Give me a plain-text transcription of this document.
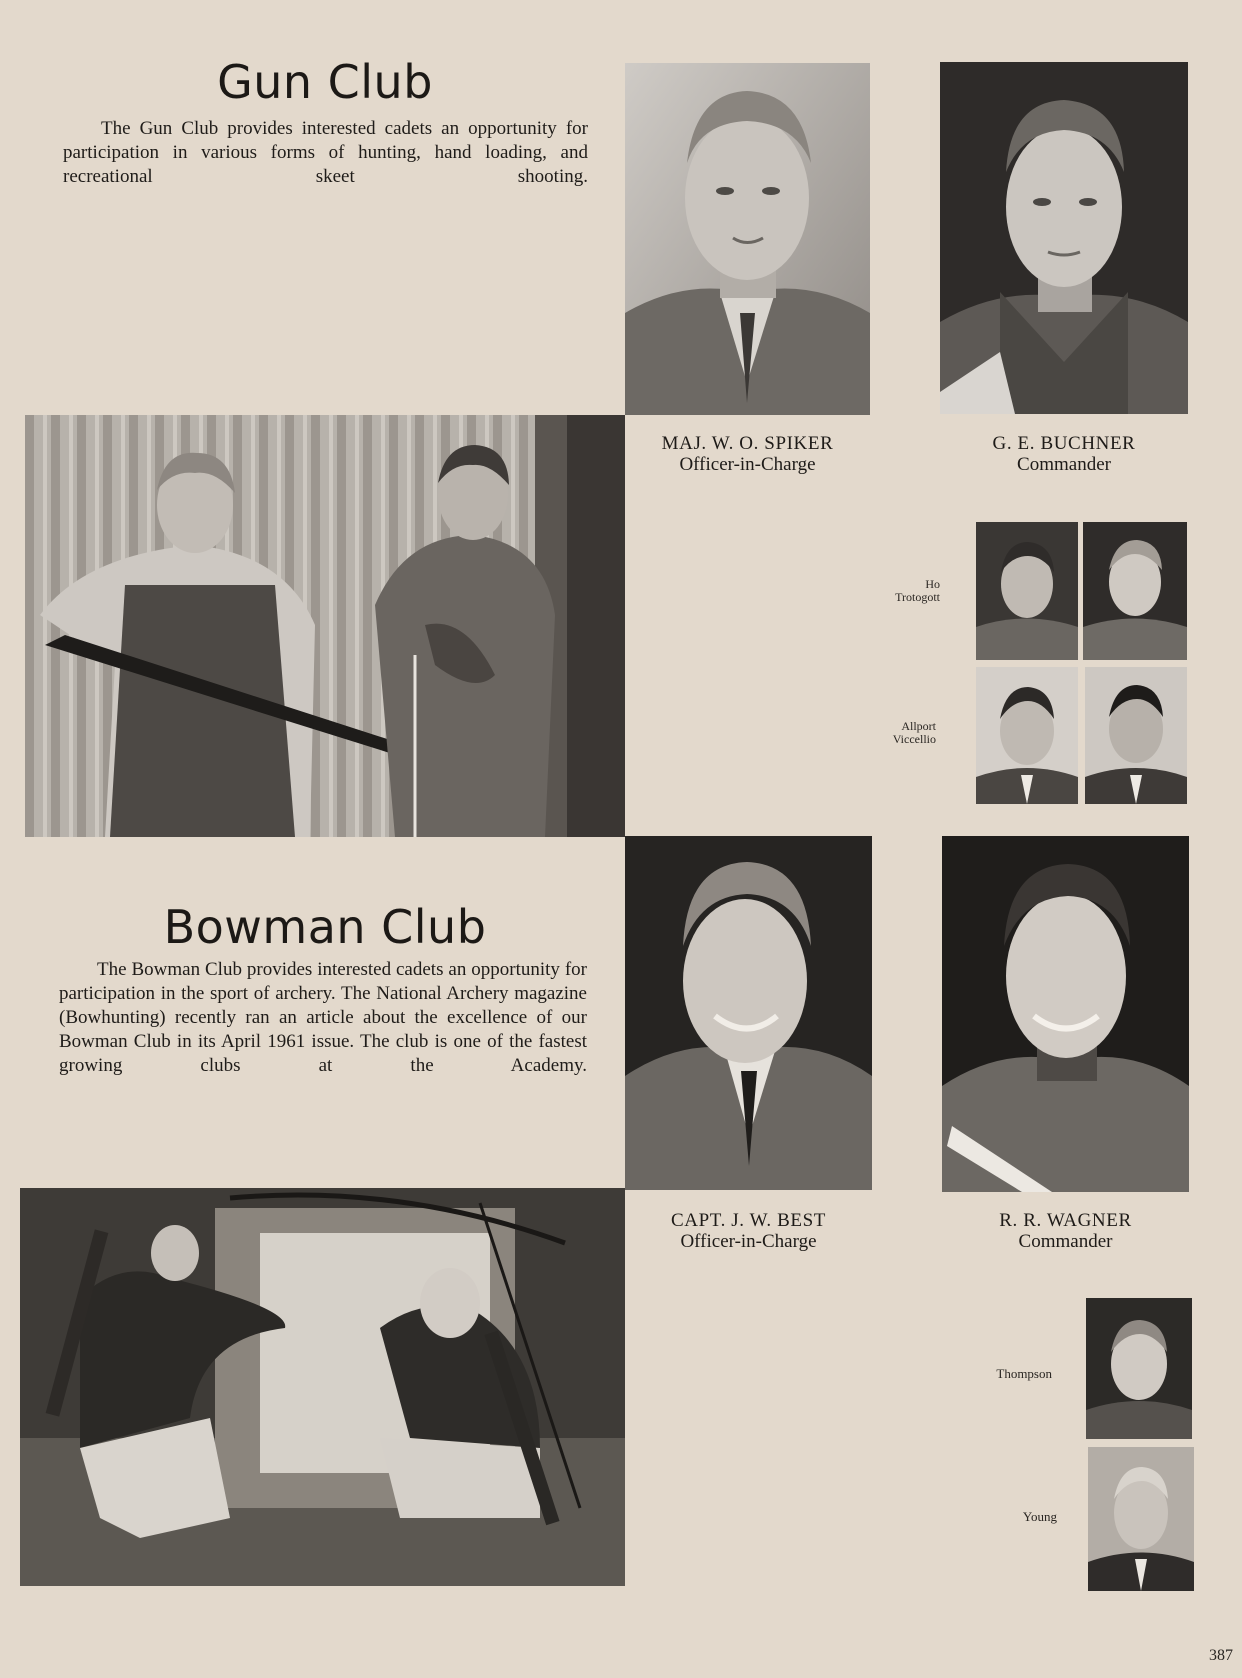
Gun Club
The Gun Club provides interested cadets an opportunity for participation in various forms of hunting, hand loading, and recreational skeet shooting.
MAJ. W. O. SPIKER
Officer-in-Charge
G. E. BUCHNER
Commander
Ho
Trotogott
Allport
Viccellio
Bowman Club
The Bowman Club provides interested cadets an opportunity for participation in the sport of archery. The National Archery magazine (Bowhunting) recently ran an article about the excellence of our Bowman Club in its April 1961 issue. The club is one of the fastest growing clubs at the Academy.
CAPT. J. W. BEST
Officer-in-Charge
R. R. WAGNER
Commander
Thompson
Young
387
